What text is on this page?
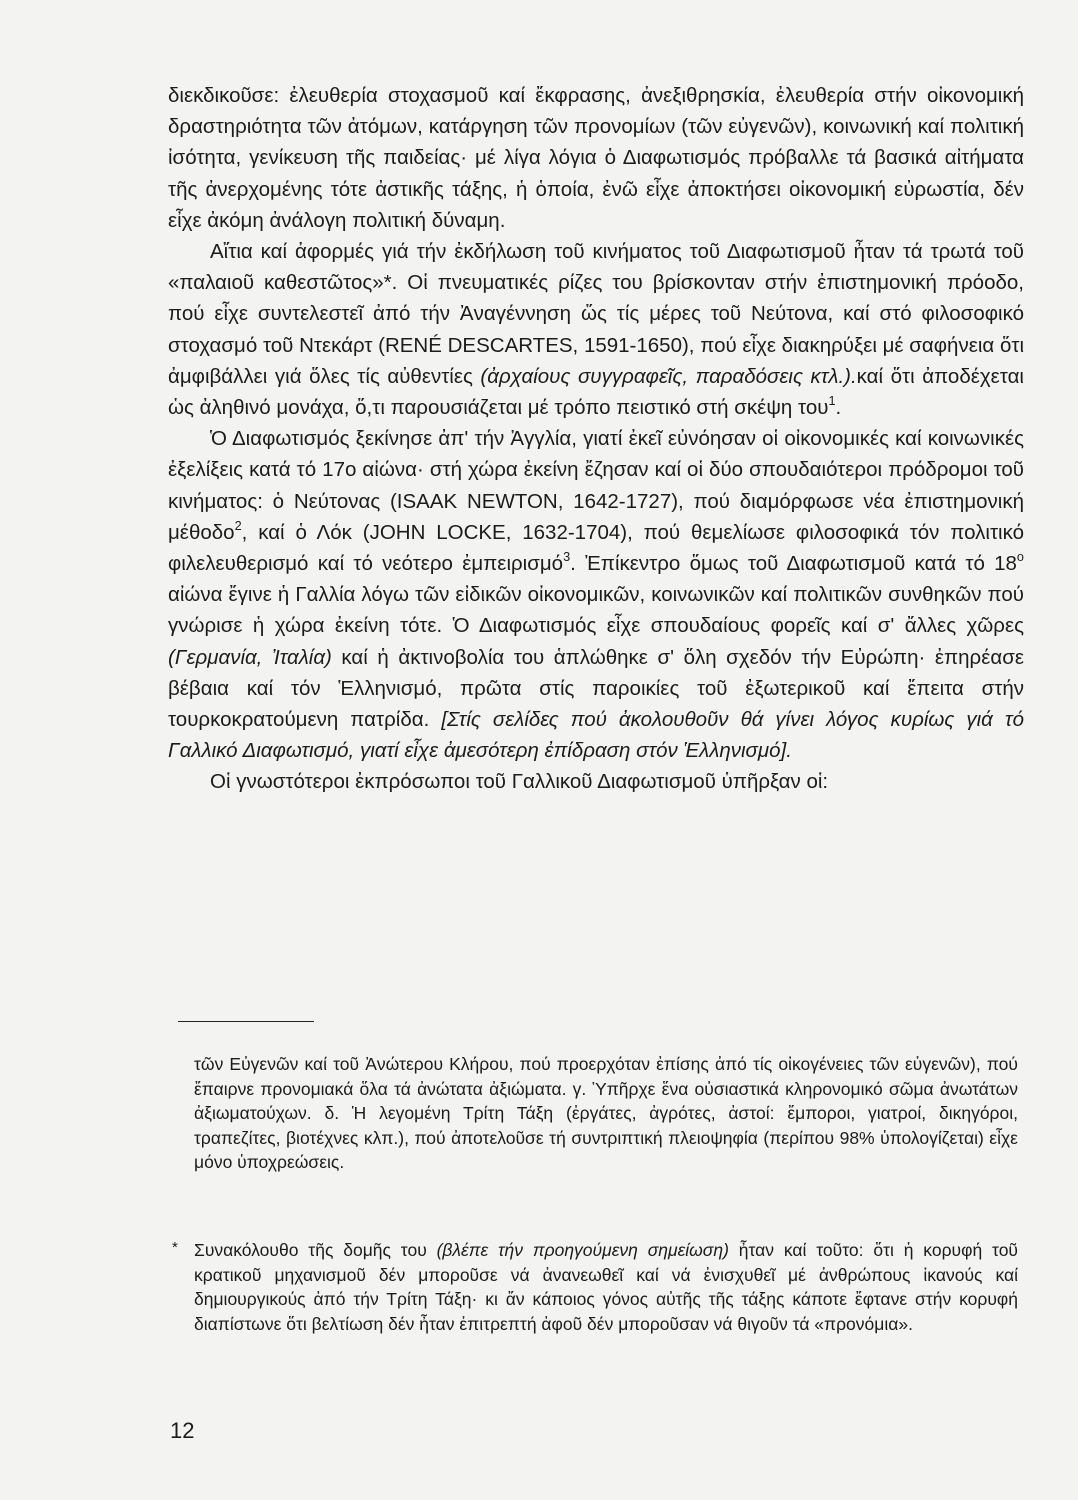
διεκδικοῦσε: ἐλευθερία στοχασμοῦ καί ἔκφρασης, ἀνεξιθρησκία, ἐλευθερία στήν οἰκονομική δραστηριότητα τῶν ἀτόμων, κατάργηση τῶν προνομίων (τῶν εὐγενῶν), κοινωνική καί πολιτική ἰσότητα, γενίκευση τῆς παιδείας· μέ λίγα λόγια ὁ Διαφωτισμός πρόβαλλε τά βασικά αἰτήματα τῆς ἀνερχομένης τότε ἀστικῆς τάξης, ἡ ὁποία, ἐνῶ εἶχε ἀποκτήσει οἰκονομική εὐρωστία, δέν εἶχε ἀκόμη ἀνάλογη πολιτική δύναμη.

Αἴτια καί ἀφορμές γιά τήν ἐκδήλωση τοῦ κινήματος τοῦ Διαφωτισμοῦ ἦταν τά τρωτά τοῦ «παλαιοῦ καθεστῶτος»*. Οἱ πνευματικές ρίζες του βρίσκονταν στήν ἐπιστημονική πρόοδο, πού εἶχε συντελεστεῖ ἀπό τήν Ἀναγέννηση ὥς τίς μέρες τοῦ Νεύτονα, καί στό φιλοσοφικό στοχασμό τοῦ Ντεκάρτ (RENÉ DESCARTES, 1591-1650), πού εἶχε διακηρύξει μέ σαφήνεια ὅτι ἀμφιβάλλει γιά ὅλες τίς αὐθεντίες (ἀρχαίους συγγραφεῖς, παραδόσεις κτλ.).καί ὅτι ἀποδέχεται ὡς ἀληθινό μονάχα, ὅ,τι παρουσιάζεται μέ τρόπο πειστικό στή σκέψη του$^1$.

Ὁ Διαφωτισμός ξεκίνησε ἀπ' τήν Ἀγγλία, γιατί ἐκεῖ εὐνόησαν οἱ οἰκονομικές καί κοινωνικές ἐξελίξεις κατά τό 17ο αἰώνα· στή χώρα ἐκείνη ἔζησαν καί οἱ δύο σπουδαιότεροι πρόδρομοι τοῦ κινήματος: ὁ Νεύτονας (ISAAK NEWTON, 1642-1727), πού διαμόρφωσε νέα ἐπιστημονική μέθοδο$^2$, καί ὁ Λόκ (JOHN LOCKE, 1632-1704), πού θεμελίωσε φιλοσοφικά τόν πολιτικό φιλελευθερισμό καί τό νεότερο ἐμπειρισμό$^3$. Ἐπίκεντρο ὅμως τοῦ Διαφωτισμοῦ κατά τό $18^o$ αἰώνα ἔγινε ἡ Γαλλία λόγω τῶν εἰδικῶν οἰκονομικῶν, κοινωνικῶν καί πολιτικῶν συνθηκῶν πού γνώρισε ἡ χώρα ἐκείνη τότε. Ὁ Διαφωτισμός εἶχε σπουδαίους φορεῖς καί σ' ἄλλες χῶρες (Γερμανία, Ἰταλία) καί ἡ ἀκτινοβολία του ἁπλώθηκε σ' ὅλη σχεδόν τήν Εὐρώπη· ἐπηρέασε βέβαια καί τόν Ἑλληνισμό, πρῶτα στίς παροικίες τοῦ ἐξωτερικοῦ καί ἔπειτα στήν τουρκοκρατούμενη πατρίδα. [Στίς σελίδες πού ἀκολουθοῦν θά γίνει λόγος κυρίως γιά τό Γαλλικό Διαφωτισμό, γιατί εἶχε ἀμεσότερη ἐπίδραση στόν Ἑλληνισμό].

Οἱ γνωστότεροι ἐκπρόσωποι τοῦ Γαλλικοῦ Διαφωτισμοῦ ὑπῆρξαν οἱ:

τῶν Εὐγενῶν καί τοῦ Ἀνώτερου Κλήρου, πού προερχόταν ἐπίσης ἀπό τίς οἰκογένειες τῶν εὐγενῶν), πού ἔπαιρνε προνομιακά ὅλα τά ἀνώτατα ἀξιώματα. γ. Ὑπῆρχε ἕνα οὐσιαστικά κληρονομικό σῶμα ἀνωτάτων ἀξιωματούχων. δ. Ἡ λεγομένη Τρίτη Τάξη (ἐργάτες, ἀγρότες, ἀστοί: ἔμποροι, γιατροί, δικηγόροι, τραπεζίτες, βιοτέχνες κλπ.), πού ἀποτελοῦσε τή συντριπτική πλειοψηφία (περίπου 98% ὑπολογίζεται) εἶχε μόνο ὑποχρεώσεις.
* Συνακόλουθο τῆς δομῆς του (βλέπε τήν προηγούμενη σημείωση) ἦταν καί τοῦτο: ὅτι ἡ κορυφή τοῦ κρατικοῦ μηχανισμοῦ δέν μποροῦσε νά ἀνανεωθεῖ καί νά ἐνισχυθεῖ μέ ἀνθρώπους ἱκανούς καί δημιουργικούς ἀπό τήν Τρίτη Τάξη· κι ἄν κάποιος γόνος αὐτῆς τῆς τάξης κάποτε ἔφτανε στήν κορυφή διαπίστωνε ὅτι βελτίωση δέν ἦταν ἐπιτρεπτή ἀφοῦ δέν μποροῦσαν νά θιγοῦν τά «προνόμια».
12
